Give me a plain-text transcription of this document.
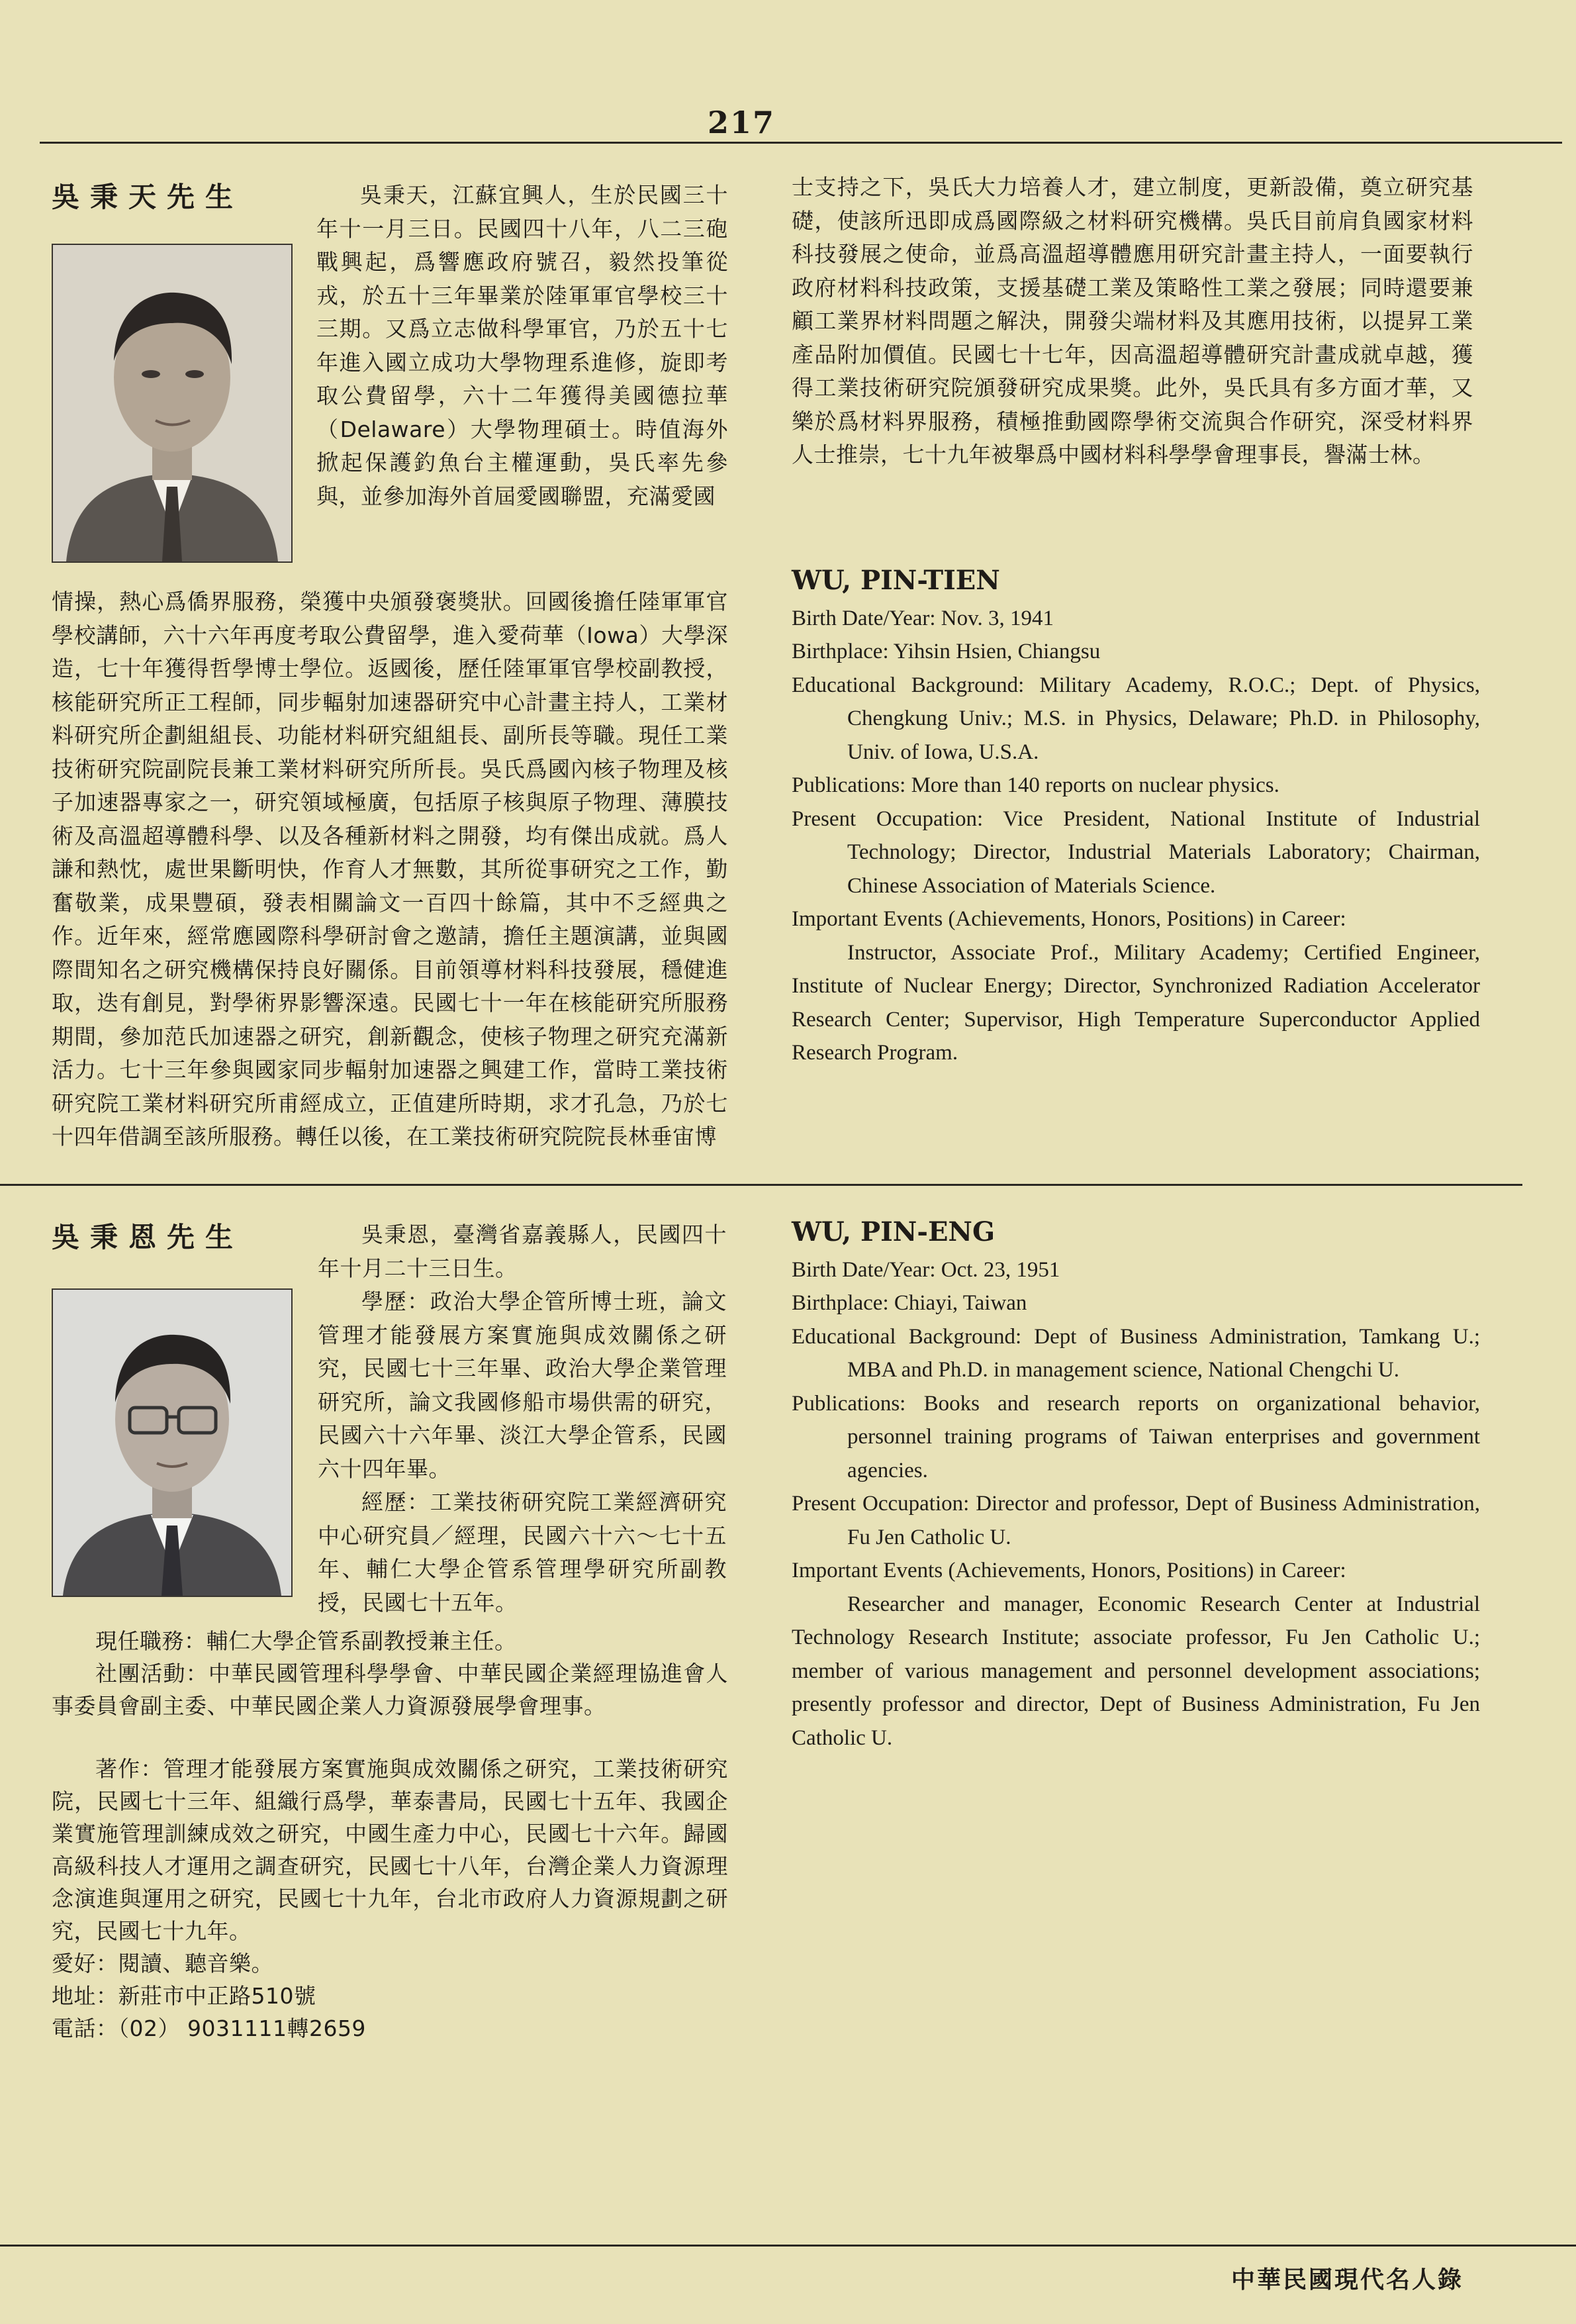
217
吳秉天先生	吳秉天，江蘇宜興人，生於民國三十年十一月三日。民國四十八年，八二三砲戰興起，爲響應政府號召，毅然投筆從戎，於五十三年畢業於陸軍軍官學校三十三期。又爲立志做科學軍官，乃於五十七年進入國立成功大學物理系進修，旋即考取公費留學，六十二年獲得美國德拉華（Delaware）大學物理碩士。時值海外掀起保護釣魚台主權運動，吳氏率先參與，並參加海外首屆愛國聯盟，充滿愛國

情操，熱心爲僑界服務，榮獲中央頒發褒獎狀。回國後擔任陸軍軍官學校講師，六十六年再度考取公費留學，進入愛荷華（Iowa）大學深造，七十年獲得哲學博士學位。返國後，歷任陸軍軍官學校副教授，核能研究所正工程師，同步輻射加速器研究中心計畫主持人，工業材料研究所企劃組組長、功能材料研究組組長、副所長等職。現任工業技術研究院副院長兼工業材料研究所所長。吳氏爲國內核子物理及核子加速器專家之一，研究領域極廣，包括原子核與原子物理、薄膜技術及高溫超導體科學、以及各種新材料之開發，均有傑出成就。爲人謙和熱忱，處世果斷明快，作育人才無數，其所從事研究之工作，勤奮敬業，成果豐碩，發表相關論文一百四十餘篇，其中不乏經典之作。近年來，經常應國際科學研討會之邀請，擔任主題演講，並與國際間知名之研究機構保持良好關係。目前領導材料科技發展，穩健進取，迭有創見，對學術界影響深遠。民國七十一年在核能研究所服務期間，參加范氏加速器之研究，創新觀念，使核子物理之研究充滿新活力。七十三年參與國家同步輻射加速器之興建工作，當時工業技術研究院工業材料研究所甫經成立，正值建所時期，求才孔急，乃於七十四年借調至該所服務。轉任以後，在工業技術研究院院長林垂宙博

士支持之下，吳氏大力培養人才，建立制度，更新設備，奠立研究基礎，使該所迅即成爲國際級之材料研究機構。吳氏目前肩負國家材料科技發展之使命，並爲高溫超導體應用研究計畫主持人，一面要執行政府材料科技政策，支援基礎工業及策略性工業之發展；同時還要兼顧工業界材料問題之解決，開發尖端材料及其應用技術，以提昇工業產品附加價值。民國七十七年，因高溫超導體研究計畫成就卓越，獲得工業技術研究院頒發研究成果獎。此外，吳氏具有多方面才華，又樂於爲材料界服務，積極推動國際學術交流與合作研究，深受材料界人士推崇，七十九年被舉爲中國材料科學學會理事長，譽滿士林。

WU, PIN-TIEN
Birth Date/Year: Nov. 3, 1941
Birthplace: Yihsin Hsien, Chiangsu
Educational Background: Military Academy, R.O.C.; Dept. of Physics, Chengkung Univ.; M.S. in Physics, Delaware; Ph.D. in Philosophy, Univ. of Iowa, U.S.A.
Publications: More than 140 reports on nuclear physics.
Present Occupation: Vice President, National Institute of Industrial Technology; Director, Industrial Materials Laboratory; Chairman, Chinese Association of Materials Science.
Important Events (Achievements, Honors, Positions) in Career:
Instructor, Associate Prof., Military Academy; Certified Engineer, Institute of Nuclear Energy; Director, Synchronized Radiation Accelerator Research Center; Supervisor, High Temperature Superconductor Applied Research Program.
吳秉恩先生	吳秉恩，臺灣省嘉義縣人，民國四十年十月二十三日生。

學歷：政治大學企管所博士班，論文管理才能發展方案實施與成效關係之研究，民國七十三年畢、政治大學企業管理研究所，論文我國修船市場供需的研究，民國六十六年畢、淡江大學企管系，民國六十四年畢。

經歷：工業技術研究院工業經濟研究中心研究員／經理，民國六十六～七十五年、輔仁大學企管系管理學研究所副教授，民國七十五年。

現任職務：輔仁大學企管系副教授兼主任。

社團活動：中華民國管理科學學會、中華民國企業經理協進會人事委員會副主委、中華民國企業人力資源發展學會理事。

著作：管理才能發展方案實施與成效關係之研究，工業技術研究院，民國七十三年、組織行爲學，華泰書局，民國七十五年、我國企業實施管理訓練成效之研究，中國生產力中心，民國七十六年。歸國高級科技人才運用之調查研究，民國七十八年，台灣企業人力資源理念演進與運用之研究，民國七十九年，台北市政府人力資源規劃之研究，民國七十九年。

愛好：閱讀、聽音樂。

地址：新莊市中正路510號

電話：（02） 9031111轉2659

WU, PIN-ENG
Birth Date/Year: Oct. 23, 1951
Birthplace: Chiayi, Taiwan
Educational Background: Dept of Business Administration, Tamkang U.; MBA and Ph.D. in management science, National Chengchi U.
Publications: Books and research reports on organizational behavior, personnel training programs of Taiwan enterprises and government agencies.
Present Occupation: Director and professor, Dept of Business Administration, Fu Jen Catholic U.
Important Events (Achievements, Honors, Positions) in Career:
Researcher and manager, Economic Research Center at Industrial Technology Research Institute; associate professor, Fu Jen Catholic U.; member of various management and personnel development associations; presently professor and director, Dept of Business Administration, Fu Jen Catholic U.
中華民國現代名人錄
